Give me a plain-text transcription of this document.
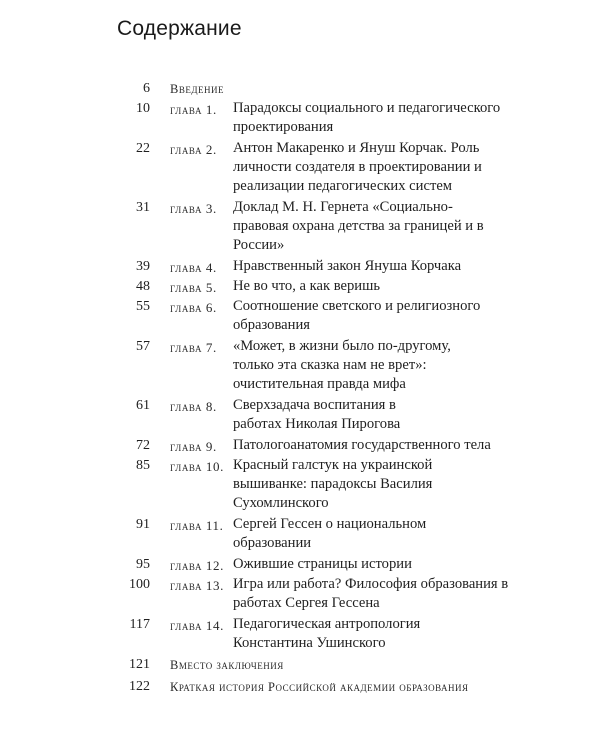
Содержание
6 Введение
10 глава 1. Парадоксы социального и педагогического проектирования
22 глава 2. Антон Макаренко и Януш Корчак. Роль личности создателя в проектировании и реализации педагогических систем
31 глава 3. Доклад М. Н. Гернета «Социально-правовая охрана детства за границей и в России»
39 глава 4. Нравственный закон Януша Корчака
48 глава 5. Не во что, а как веришь
55 глава 6. Соотношение светского и религиозного образования
57 глава 7. «Может, в жизни было по-другому, только эта сказка нам не врет»: очистительная правда мифа
61 глава 8. Сверхзадача воспитания в работах Николая Пирогова
72 глава 9. Патологоанатомия государственного тела
85 глава 10. Красный галстук на украинской вышиванке: парадоксы Василия Сухомлинского
91 глава 11. Сергей Гессен о национальном образовании
95 глава 12. Ожившие страницы истории
100 глава 13. Игра или работа? Философия образования в работах Сергея Гессена
117 глава 14. Педагогическая антропология Константина Ушинского
121 Вместо заключения
122 Краткая история Российской академии образования
